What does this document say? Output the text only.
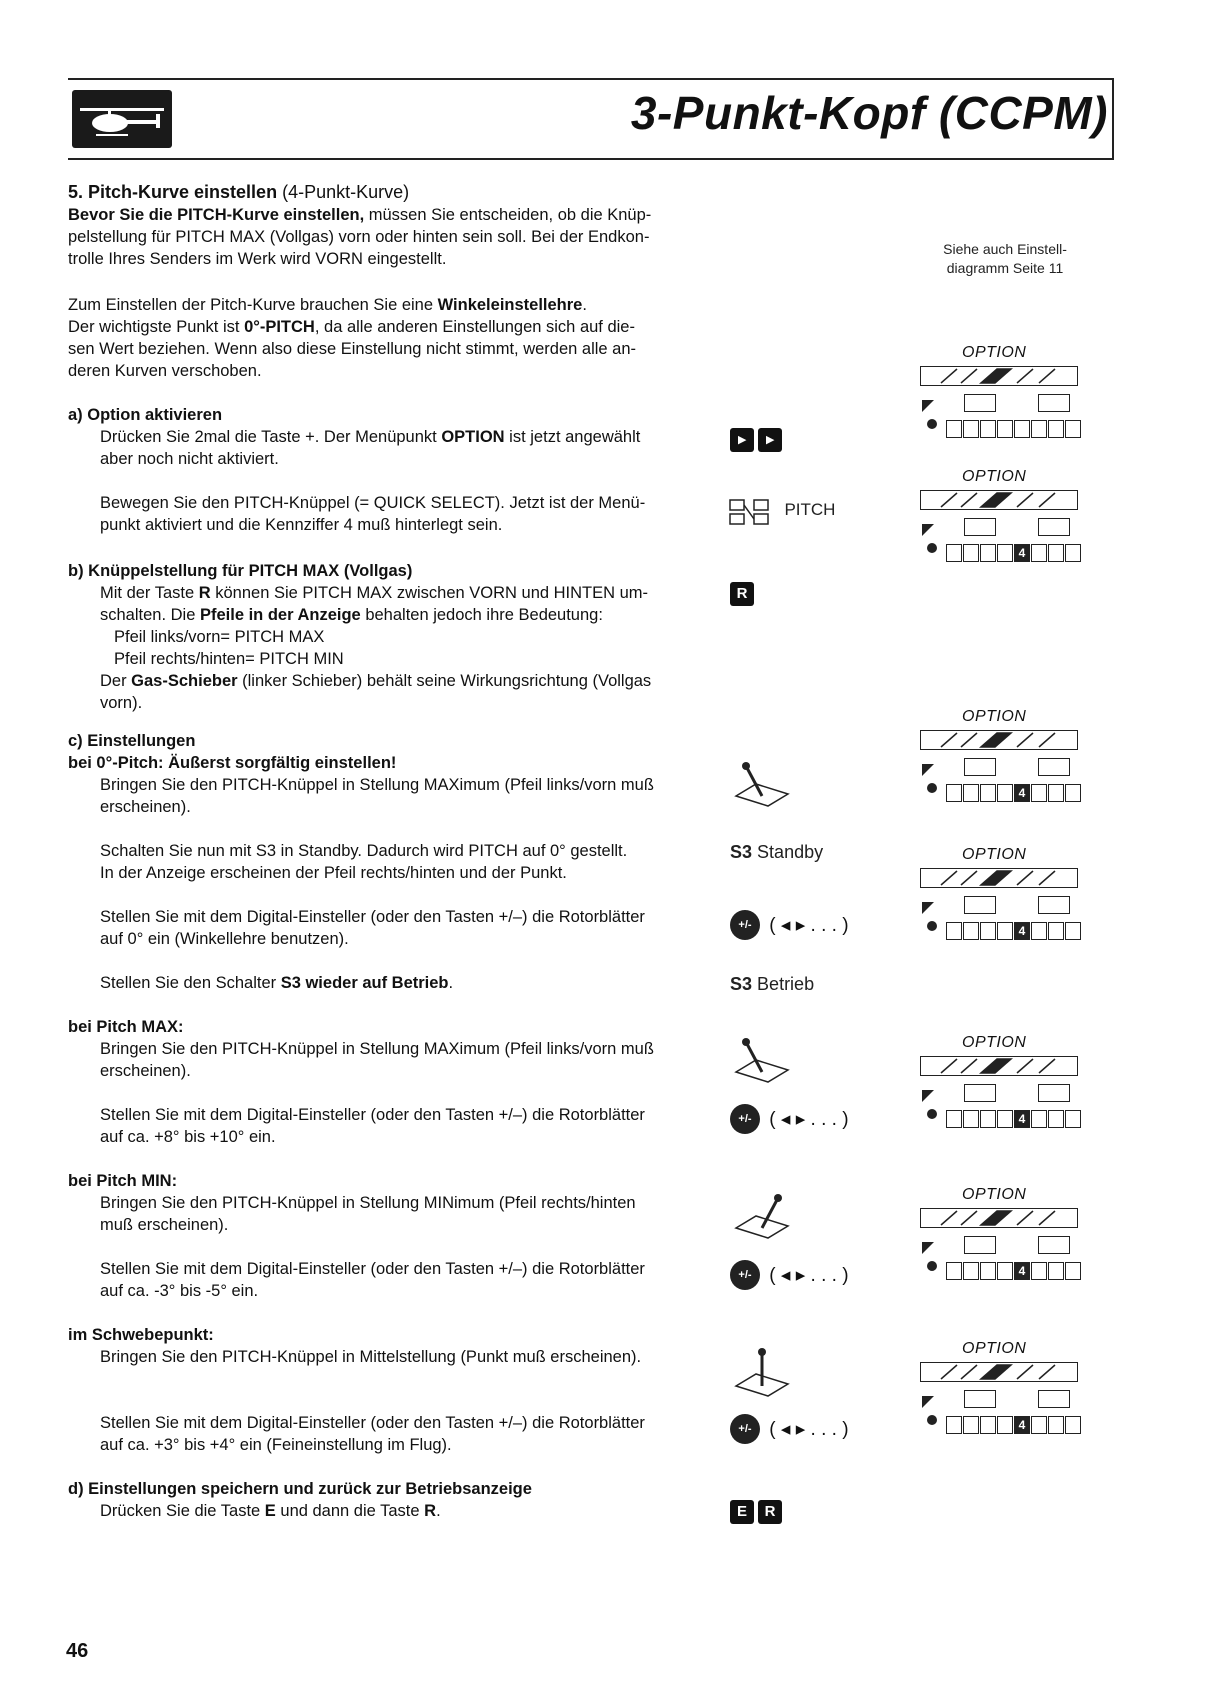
3-Punkt-Kopf (CCPM)
Siehe auch Einstell-
diagramm Seite 11
5. Pitch-Kurve einstellen (4-Punkt-Kurve)
Bevor Sie die PITCH-Kurve einstellen, müssen Sie entscheiden, ob die Knüp-
pelstellung für PITCH MAX (Vollgas) vorn oder hinten sein soll. Bei der Endkon-
trolle Ihres Senders im Werk wird VORN eingestellt.
Zum Einstellen der Pitch-Kurve brauchen Sie eine Winkeleinstellehre.
Der wichtigste Punkt ist 0°-PITCH, da alle anderen Einstellungen sich auf die-
sen Wert beziehen. Wenn also diese Einstellung nicht stimmt, werden alle an-
deren Kurven verschoben.
a) Option aktivieren
Drücken Sie 2mal die Taste +. Der Menüpunkt OPTION ist jetzt angewählt
aber noch nicht aktiviert.
Bewegen Sie den PITCH-Knüppel (= QUICK SELECT). Jetzt ist der Menü-
punkt aktiviert und die Kennziffer 4 muß hinterlegt sein.
b) Knüppelstellung für PITCH MAX (Vollgas)
Mit der Taste R können Sie PITCH MAX zwischen VORN und HINTEN um-
schalten. Die Pfeile in der Anzeige behalten jedoch ihre Bedeutung:
Pfeil links/vorn= PITCH MAX
Pfeil rechts/hinten= PITCH MIN
Der Gas-Schieber (linker Schieber) behält seine Wirkungsrichtung (Vollgas
vorn).
c) Einstellungen
bei 0°-Pitch: Äußerst sorgfältig einstellen!
Bringen Sie den PITCH-Knüppel in Stellung MAXimum (Pfeil links/vorn muß
erscheinen).
Schalten Sie nun mit S3 in Standby. Dadurch wird PITCH auf 0° gestellt.
In der Anzeige erscheinen der Pfeil rechts/hinten und der Punkt.
Stellen Sie mit dem Digital-Einsteller (oder den Tasten +/–) die Rotorblätter
auf 0° ein (Winkellehre benutzen).
Stellen Sie den Schalter S3 wieder auf Betrieb.
bei Pitch MAX:
Bringen Sie den PITCH-Knüppel in Stellung MAXimum (Pfeil links/vorn muß
erscheinen).
Stellen Sie mit dem Digital-Einsteller (oder den Tasten +/–) die Rotorblätter
auf ca. +8° bis +10° ein.
bei Pitch MIN:
Bringen Sie den PITCH-Knüppel in Stellung MINimum (Pfeil rechts/hinten
muß erscheinen).
Stellen Sie mit dem Digital-Einsteller (oder den Tasten +/–) die Rotorblätter
auf ca. -3° bis -5° ein.
im Schwebepunkt:
Bringen Sie den PITCH-Knüppel in Mittelstellung (Punkt muß erscheinen).
Stellen Sie mit dem Digital-Einsteller (oder den Tasten +/–) die Rotorblätter
auf ca. +3° bis +4° ein (Feineinstellung im Flug).
d) Einstellungen speichern und zurück zur Betriebsanzeige
Drücken Sie die Taste E und dann die Taste R.
▸ ▸
PITCH
R
S3 Standby
S3 Betrieb
+/- ( ◂ ▸ . . . )
+/- ( ◂ ▸ . . . )
+/- ( ◂ ▸ . . . )
+/- ( ◂ ▸ . . . )
E R
OPTION
OPTION
4
OPTION
4
OPTION
4
OPTION
4
OPTION
4
OPTION
4
46
